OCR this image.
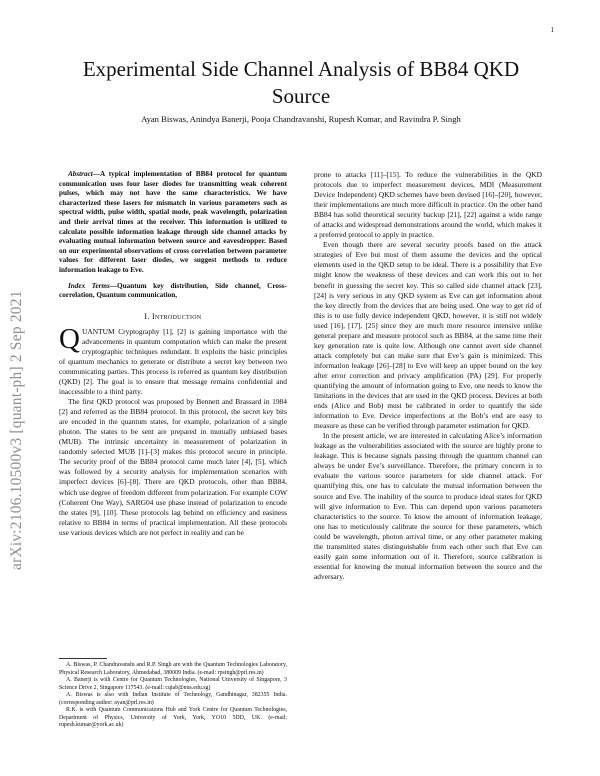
1
arXiv:2106.10500v3 [quant-ph] 2 Sep 2021
Experimental Side Channel Analysis of BB84 QKD Source
Ayan Biswas, Anindya Banerji, Pooja Chandravanshi, Rupesh Kumar, and Ravindra P. Singh

Abstract—A typical implementation of BB84 protocol for quantum communication uses four laser diodes for transmitting weak coherent pulses, which may not have the same characteristics. We have characterized these lasers for mismatch in various parameters such as spectral width, pulse width, spatial mode, peak wavelength, polarization and their arrival times at the receiver. This information is utilized to calculate possible information leakage through side channel attacks by evaluating mutual information between source and eavesdropper. Based on our experimental observations of cross correlation between parameter values for different laser diodes, we suggest methods to reduce information leakage to Eve.

Index Terms—Quantum key distribution, Side channel, Cross-correlation, Quantum communication,

I. Introduction

QUANTUM Cryptography [1], [2] is gaining importance with the advancements in quantum computation which can make the present cryptographic techniques redundant. It exploits the basic principles of quantum mechanics to generate or distribute a secret key between two communicating parties. This process is referred as quantum key distribution (QKD) [2]. The goal is to ensure that message remains confidential and inaccessible to a third party.

The first QKD protocol was proposed by Bennett and Brassard in 1984 [2] and referred as the BB84 protocol. In this protocol, the secret key bits are encoded in the quantum states, for example, polarization of a single photon. The states to be sent are prepared in mutually unbiased bases (MUB). The intrinsic uncertainty in measurement of polarization in randomly selected MUB [1]–[3] makes this protocol secure in principle. The security proof of the BB84 protocol came much later [4], [5], which was followed by a security analysis for implementation scenarios with imperfect devices [6]–[8]. There are QKD protocols, other than BB84, which use degree of freedom different from polarization. For example COW (Coherent One Way), SARG04 use phase instead of polarization to encode the states [9], [10]. These protocols lag behind on efficiency and easiness relative to BB84 in terms of practical implementation. All these protocols use various devices which are not perfect in reality and can be

A. Biswas, P. Chandravanshi and R.P. Singh are with the Quantum Technologies Laboratory, Physical Research Laboratory, Ahmedabad, 380009 India. (e-mail: rpsingh@prl.res.in)

A. Banerji is with Centre for Quantum Technologies, National University of Singapore, 3 Science Drive 2, Singapore 117543. (e-mail: cqtab@nus.edu.sg)

A. Biswas is also with Indian Institute of Technology, Gandhinagar, 382355 India. (corresponding author: ayan@prl.res.in)

R.K. is with Quantum Communications Hub and York Centre for Quantum Technologies, Department of Physics, University of York, York, YO10 5DD, UK. (e-mail: rupesh.kumar@york.ac.uk)

prone to attacks [11]–[15]. To reduce the vulnerabilities in the QKD protocols due to imperfect measurement devices, MDI (Measurement Device Independent) QKD schemes have been devised [16]–[20], however, their implementations are much more difficult in practice. On the other hand BB84 has solid theoretical security backup [21], [22] against a wide range of attacks and widespread demonstrations around the world, which makes it a preferred protocol to apply in practice.

Even though there are several security proofs based on the attack strategies of Eve but most of them assume the devices and the optical elements used in the QKD setup to be ideal. There is a possibility that Eve might know the weakness of these devices and can work this out to her benefit in guessing the secret key. This so called side channel attack [23], [24] is very serious in any QKD system as Eve can get information about the key directly from the devices that are being used. One way to get rid of this is to use fully device independent QKD, however, it is still not widely used [16], [17], [25] since they are much more resource intensive unlike general prepare and measure protocol such as BB84, at the same time their key generation rate is quite low. Although one cannot avert side channel attack completely but can make sure that Eve’s gain is minimized. This information leakage [26]–[28] to Eve will keep an upper bound on the key after error correction and privacy amplification (PA) [29]. For properly quantifying the amount of information going to Eve, one needs to know the limitations in the devices that are used in the QKD process. Devices at both ends (Alice and Bob) must be calibrated in order to quantify the side information to Eve. Device imperfections at the Bob’s end are easy to measure as these can be verified through parameter estimation for QKD.

In the present article, we are interested in calculating Alice’s information leakage as the vulnerabilities associated with the source are highly prone to leakage. This is because signals passing through the quantum channel can always be under Eve’s surveillance. Therefore, the primary concern is to evaluate the various source parameters for side channel attack. For quantifying this, one has to calculate the mutual information between the source and Eve. The inability of the source to produce ideal states for QKD will give information to Eve. This can depend upon various parameters characteristics to the source. To know the amount of information leakage, one has to meticulously calibrate the source for these parameters, which could be wavelength, photon arrival time, or any other parameter making the transmitted states distinguishable from each other such that Eve can easily gain some information out of it. Therefore, source calibration is essential for knowing the mutual information between the source and the adversary.
